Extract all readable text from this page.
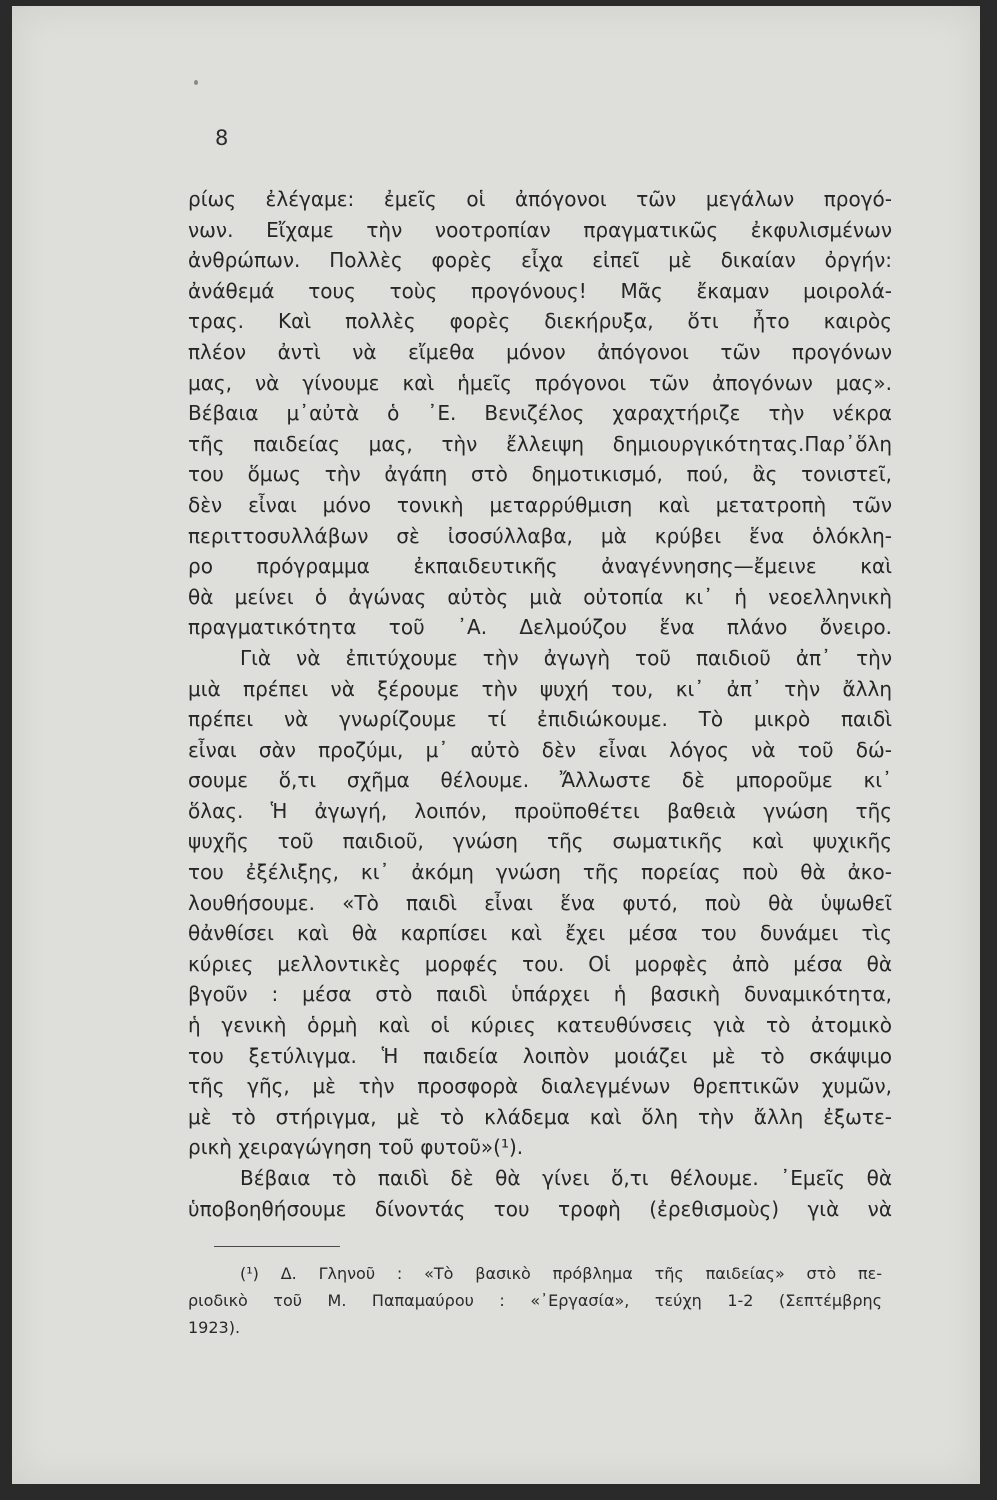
8
ρίως ἐλέγαμε: ἐμεῖς οἱ ἀπόγονοι τῶν μεγάλων προγό-
νων. Εἴχαμε τὴν νοοτροπίαν πραγματικῶς ἐκφυλισμένων
ἀνθρώπων. Πολλὲς φορὲς εἶχα εἰπεῖ μὲ δικαίαν ὀργήν:
ἀνάθεμά τους τοὺς προγόνους! Μᾶς ἔκαμαν μοιρολά-
τρας. Καὶ πολλὲς φορὲς διεκήρυξα, ὅτι ἦτο καιρὸς
πλέον ἀντὶ νὰ εἴμεθα μόνον ἀπόγονοι τῶν προγόνων
μας, νὰ γίνουμε καὶ ἡμεῖς πρόγονοι τῶν ἀπογόνων μας».
Βέβαια μ᾽αὐτὰ ὁ ᾽Ε. Βενιζέλος χαραχτήριζε τὴν νέκρα
τῆς παιδείας μας, τὴν ἔλλειψη δημιουργικότητας.Παρ᾽ὅλη
του ὅμως τὴν ἀγάπη στὸ δημοτικισμό, πού, ἂς τονιστεῖ,
δὲν εἶναι μόνο τονικὴ μεταρρύθμιση καὶ μετατροπὴ τῶν
περιττοσυλλάβων σὲ ἰσοσύλλαβα, μὰ κρύβει ἕνα ὁλόκλη-
ρο πρόγραμμα ἐκπαιδευτικῆς ἀναγέννησης—ἔμεινε καὶ
θὰ μείνει ὁ ἀγώνας αὐτὸς μιὰ οὐτοπία κι᾽ ἡ νεοελληνικὴ
πραγματικότητα τοῦ ᾽Α. Δελμούζου ἕνα πλάνο ὄνειρο.
Γιὰ νὰ ἐπιτύχουμε τὴν ἀγωγὴ τοῦ παιδιοῦ ἀπ᾽ τὴν
μιὰ πρέπει νὰ ξέρουμε τὴν ψυχή του, κι᾽ ἀπ᾽ τὴν ἄλλη
πρέπει νὰ γνωρίζουμε τί ἐπιδιώκουμε. Τὸ μικρὸ παιδὶ
εἶναι σὰν προζύμι, μ᾽ αὐτὸ δὲν εἶναι λόγος νὰ τοῦ δώ-
σουμε ὅ,τι σχῆμα θέλουμε. Ἄλλωστε δὲ μποροῦμε κι᾽
ὅλας. Ἡ ἀγωγή, λοιπόν, προϋποθέτει βαθειὰ γνώση τῆς
ψυχῆς τοῦ παιδιοῦ, γνώση τῆς σωματικῆς καὶ ψυχικῆς
του ἐξέλιξης, κι᾽ ἀκόμη γνώση τῆς πορείας ποὺ θὰ ἀκο-
λουθήσουμε. «Τὸ παιδὶ εἶναι ἕνα φυτό, ποὺ θὰ ὑψωθεῖ
θἀνθίσει καὶ θὰ καρπίσει καὶ ἔχει μέσα του δυνάμει τὶς
κύριες μελλοντικὲς μορφές του. Οἱ μορφὲς ἀπὸ μέσα θὰ
βγοῦν : μέσα στὸ παιδὶ ὑπάρχει ἡ βασικὴ δυναμικότητα,
ἡ γενικὴ ὁρμὴ καὶ οἱ κύριες κατευθύνσεις γιὰ τὸ ἀτομικὸ
του ξετύλιγμα. Ἡ παιδεία λοιπὸν μοιάζει μὲ τὸ σκάψιμο
τῆς γῆς, μὲ τὴν προσφορὰ διαλεγμένων θρεπτικῶν χυμῶν,
μὲ τὸ στήριγμα, μὲ τὸ κλάδεμα καὶ ὅλη τὴν ἄλλη ἐξωτε-
ρικὴ χειραγώγηση τοῦ φυτοῦ»(¹).
Βέβαια τὸ παιδὶ δὲ θὰ γίνει ὅ,τι θέλουμε. ᾽Εμεῖς θὰ
ὑποβοηθήσουμε δίνοντάς του τροφὴ (ἐρεθισμοὺς) γιὰ νὰ
(¹) Δ. Γληνοῦ : «Τὸ βασικὸ πρόβλημα τῆς παιδείας» στὸ πε-
ριοδικὸ τοῦ Μ. Παπαμαύρου : «᾽Εργασία», τεύχη 1-2 (Σεπτέμβρης
1923).
